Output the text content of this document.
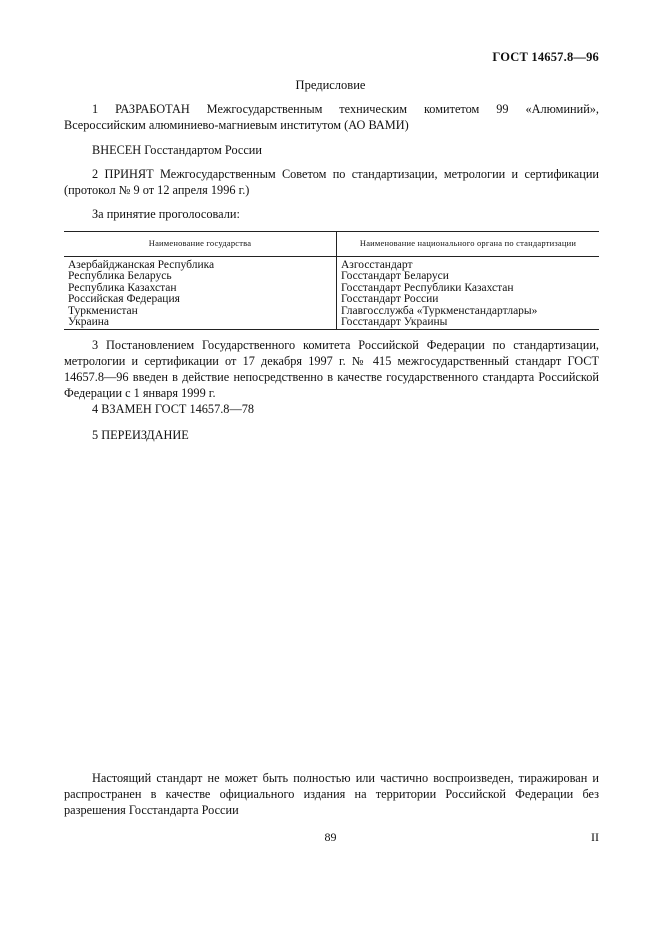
ГОСТ 14657.8—96
Предисловие
1 РАЗРАБОТАН Межгосударственным техническим комитетом 99 «Алюминий», Всероссийским алюминиево-магниевым институтом (АО ВАМИ)
ВНЕСЕН Госстандартом России
2 ПРИНЯТ Межгосударственным Советом по стандартизации, метрологии и сертификации (протокол № 9 от 12 апреля 1996 г.)
За принятие проголосовали:
Наименование государства	Наименование национального органа по стандартизации
Азербайджанская Республика	Азгосстандарт
Республика Беларусь	Госстандарт Беларуси
Республика Казахстан	Госстандарт Республики Казахстан
Российская Федерация	Госстандарт России
Туркменистан	Главгосслужба «Туркменстандартлары»
Украина	Госстандарт Украины
3 Постановлением Государственного комитета Российской Федерации по стандартизации, метрологии и сертификации от 17 декабря 1997 г. № 415 межгосударственный стандарт ГОСТ 14657.8—96 введен в действие непосредственно в качестве государственного стандарта Российской Федерации с 1 января 1999 г.
4 ВЗАМЕН ГОСТ 14657.8—78
5 ПЕРЕИЗДАНИЕ
Настоящий стандарт не может быть полностью или частично воспроизведен, тиражирован и распространен в качестве официального издания на территории Российской Федерации без разрешения Госстандарта России
89	II
